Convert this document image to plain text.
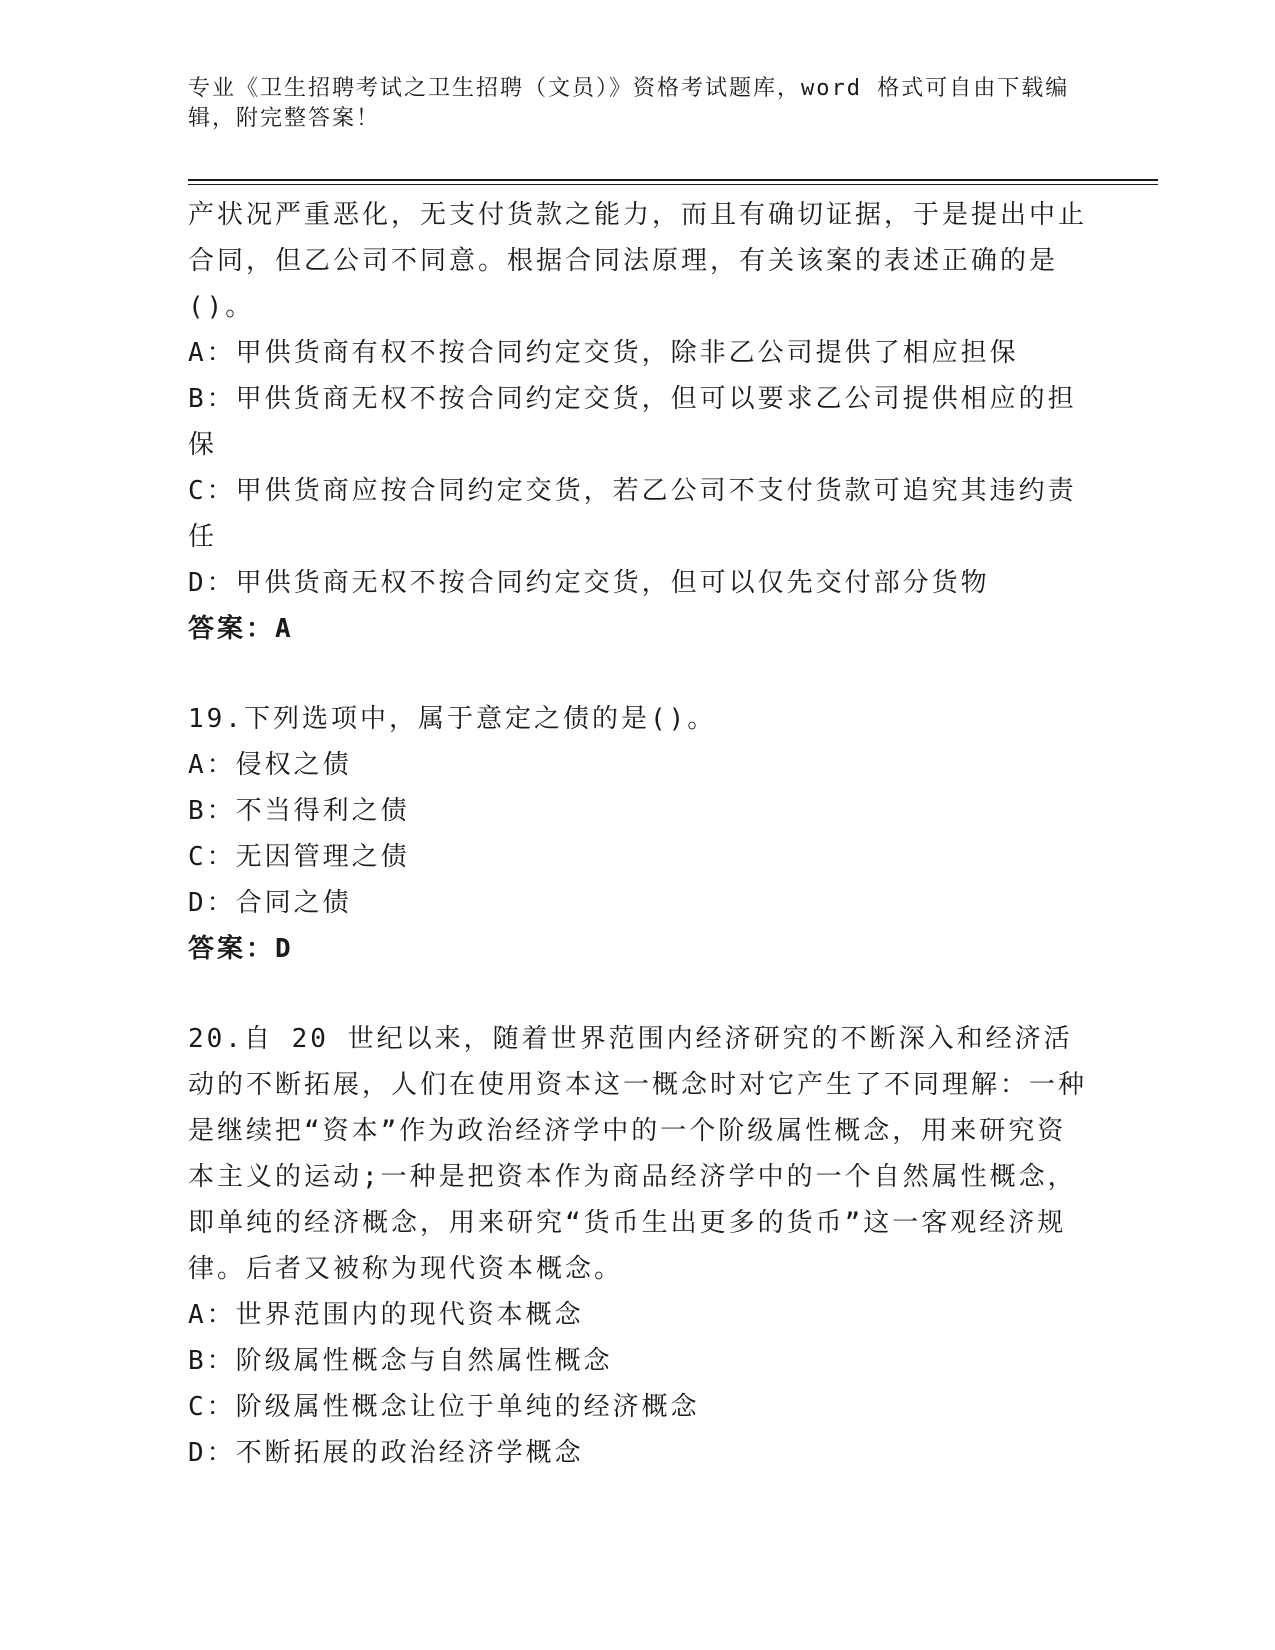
专业《卫生招聘考试之卫生招聘（文员）》资格考试题库，word 格式可自由下载编辑，附完整答案！

产状况严重恶化，无支付货款之能力，而且有确切证据，于是提出中止合同，但乙公司不同意。根据合同法原理，有关该案的表述正确的是()。

A：甲供货商有权不按合同约定交货，除非乙公司提供了相应担保

B：甲供货商无权不按合同约定交货，但可以要求乙公司提供相应的担保

C：甲供货商应按合同约定交货，若乙公司不支付货款可追究其违约责任

D：甲供货商无权不按合同约定交货，但可以仅先交付部分货物

答案：A

19.下列选项中，属于意定之债的是()。

A：侵权之债

B：不当得利之债

C：无因管理之债

D：合同之债

答案：D

20.自 20 世纪以来，随着世界范围内经济研究的不断深入和经济活动的不断拓展，人们在使用资本这一概念时对它产生了不同理解：一种是继续把“资本”作为政治经济学中的一个阶级属性概念，用来研究资本主义的运动;一种是把资本作为商品经济学中的一个自然属性概念，即单纯的经济概念，用来研究“货币生出更多的货币”这一客观经济规律。后者又被称为现代资本概念。

A：世界范围内的现代资本概念

B：阶级属性概念与自然属性概念

C：阶级属性概念让位于单纯的经济概念

D：不断拓展的政治经济学概念
